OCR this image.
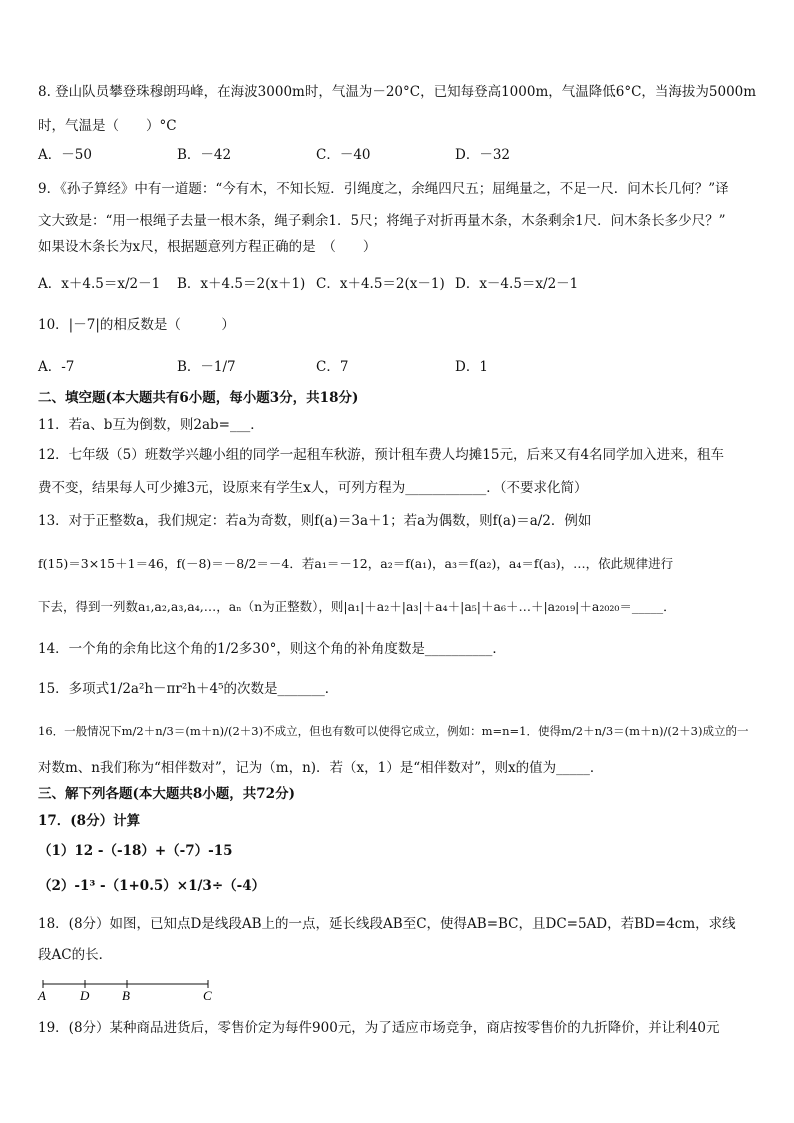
8. 登山队员攀登珠穆朗玛峰，在海波3000m时，气温为－20°C，已知每登高1000m，气温降低6°C，当海拔为5000m
时，气温是（　　）°C
A．－50	B．－42	C．－40	D．－32
9．《孙子算经》中有一道题：“今有木，不知长短．引绳度之，余绳四尺五；屈绳量之，不足一尺．问木长几何？”译
文大致是：“用一根绳子去量一根木条，绳子剩余1．5尺；将绳子对折再量木条，木条剩余1尺．问木条长多少尺？”
如果设木条长为x尺，根据题意列方程正确的是　（　　）
A．x＋4.5＝x/2－1 B．x＋4.5＝2(x＋1) C．x＋4.5＝2(x－1) D．x－4.5＝x/2－1
10．|－7|的相反数是（　　　）
A．-7	B．－1/7	C．7	D．1
二、填空题(本大题共有6小题，每小题3分，共18分)
11．若a、b互为倒数，则2ab=___．
12．七年级（5）班数学兴趣小组的同学一起租车秋游，预计租车费人均摊15元，后来又有4名同学加入进来，租车
费不变，结果每人可少摊3元，设原来有学生x人，可列方程为____________．（不要求化简）
13．对于正整数a，我们规定：若a为奇数，则f(a)＝3a＋1；若a为偶数，则f(a)＝a/2．例如
f(15)＝3×15＋1＝46，f(－8)＝－8/2＝－4．若a₁＝－12，a₂＝f(a₁)，a₃＝f(a₂)，a₄＝f(a₃)，…，依此规律进行
下去，得到一列数a₁,a₂,a₃,a₄,…，aₙ（n为正整数），则|a₁|＋a₂＋|a₃|＋a₄＋|a₅|＋a₆＋…＋|a₂₀₁₉|＋a₂₀₂₀＝_____．
14．一个角的余角比这个角的1/2多30°，则这个角的补角度数是__________．
15．多项式1/2a²h－πr²h＋4⁵的次数是_______．
16．一般情况下m/2＋n/3＝(m＋n)/(2＋3)不成立，但也有数可以使得它成立，例如：m=n=1．使得m/2＋n/3＝(m＋n)/(2＋3)成立的一
对数m、n我们称为“相伴数对”，记为（m，n)．若（x，1）是“相伴数对”，则x的值为_____．
三、解下列各题(本大题共8小题，共72分)
17．(8分）计算
（1）12 -（-18）+（-7）-15
（2）-1³ -（1+0.5）×1/3÷（-4）
18．(8分）如图，已知点D是线段AB上的一点，延长线段AB至C，使得AB=BC，且DC=5AD，若BD=4cm，求线
段AC的长．
A	D	B	C
19．(8分）某种商品进货后，零售价定为每件900元，为了适应市场竞争，商店按零售价的九折降价，并让利40元
